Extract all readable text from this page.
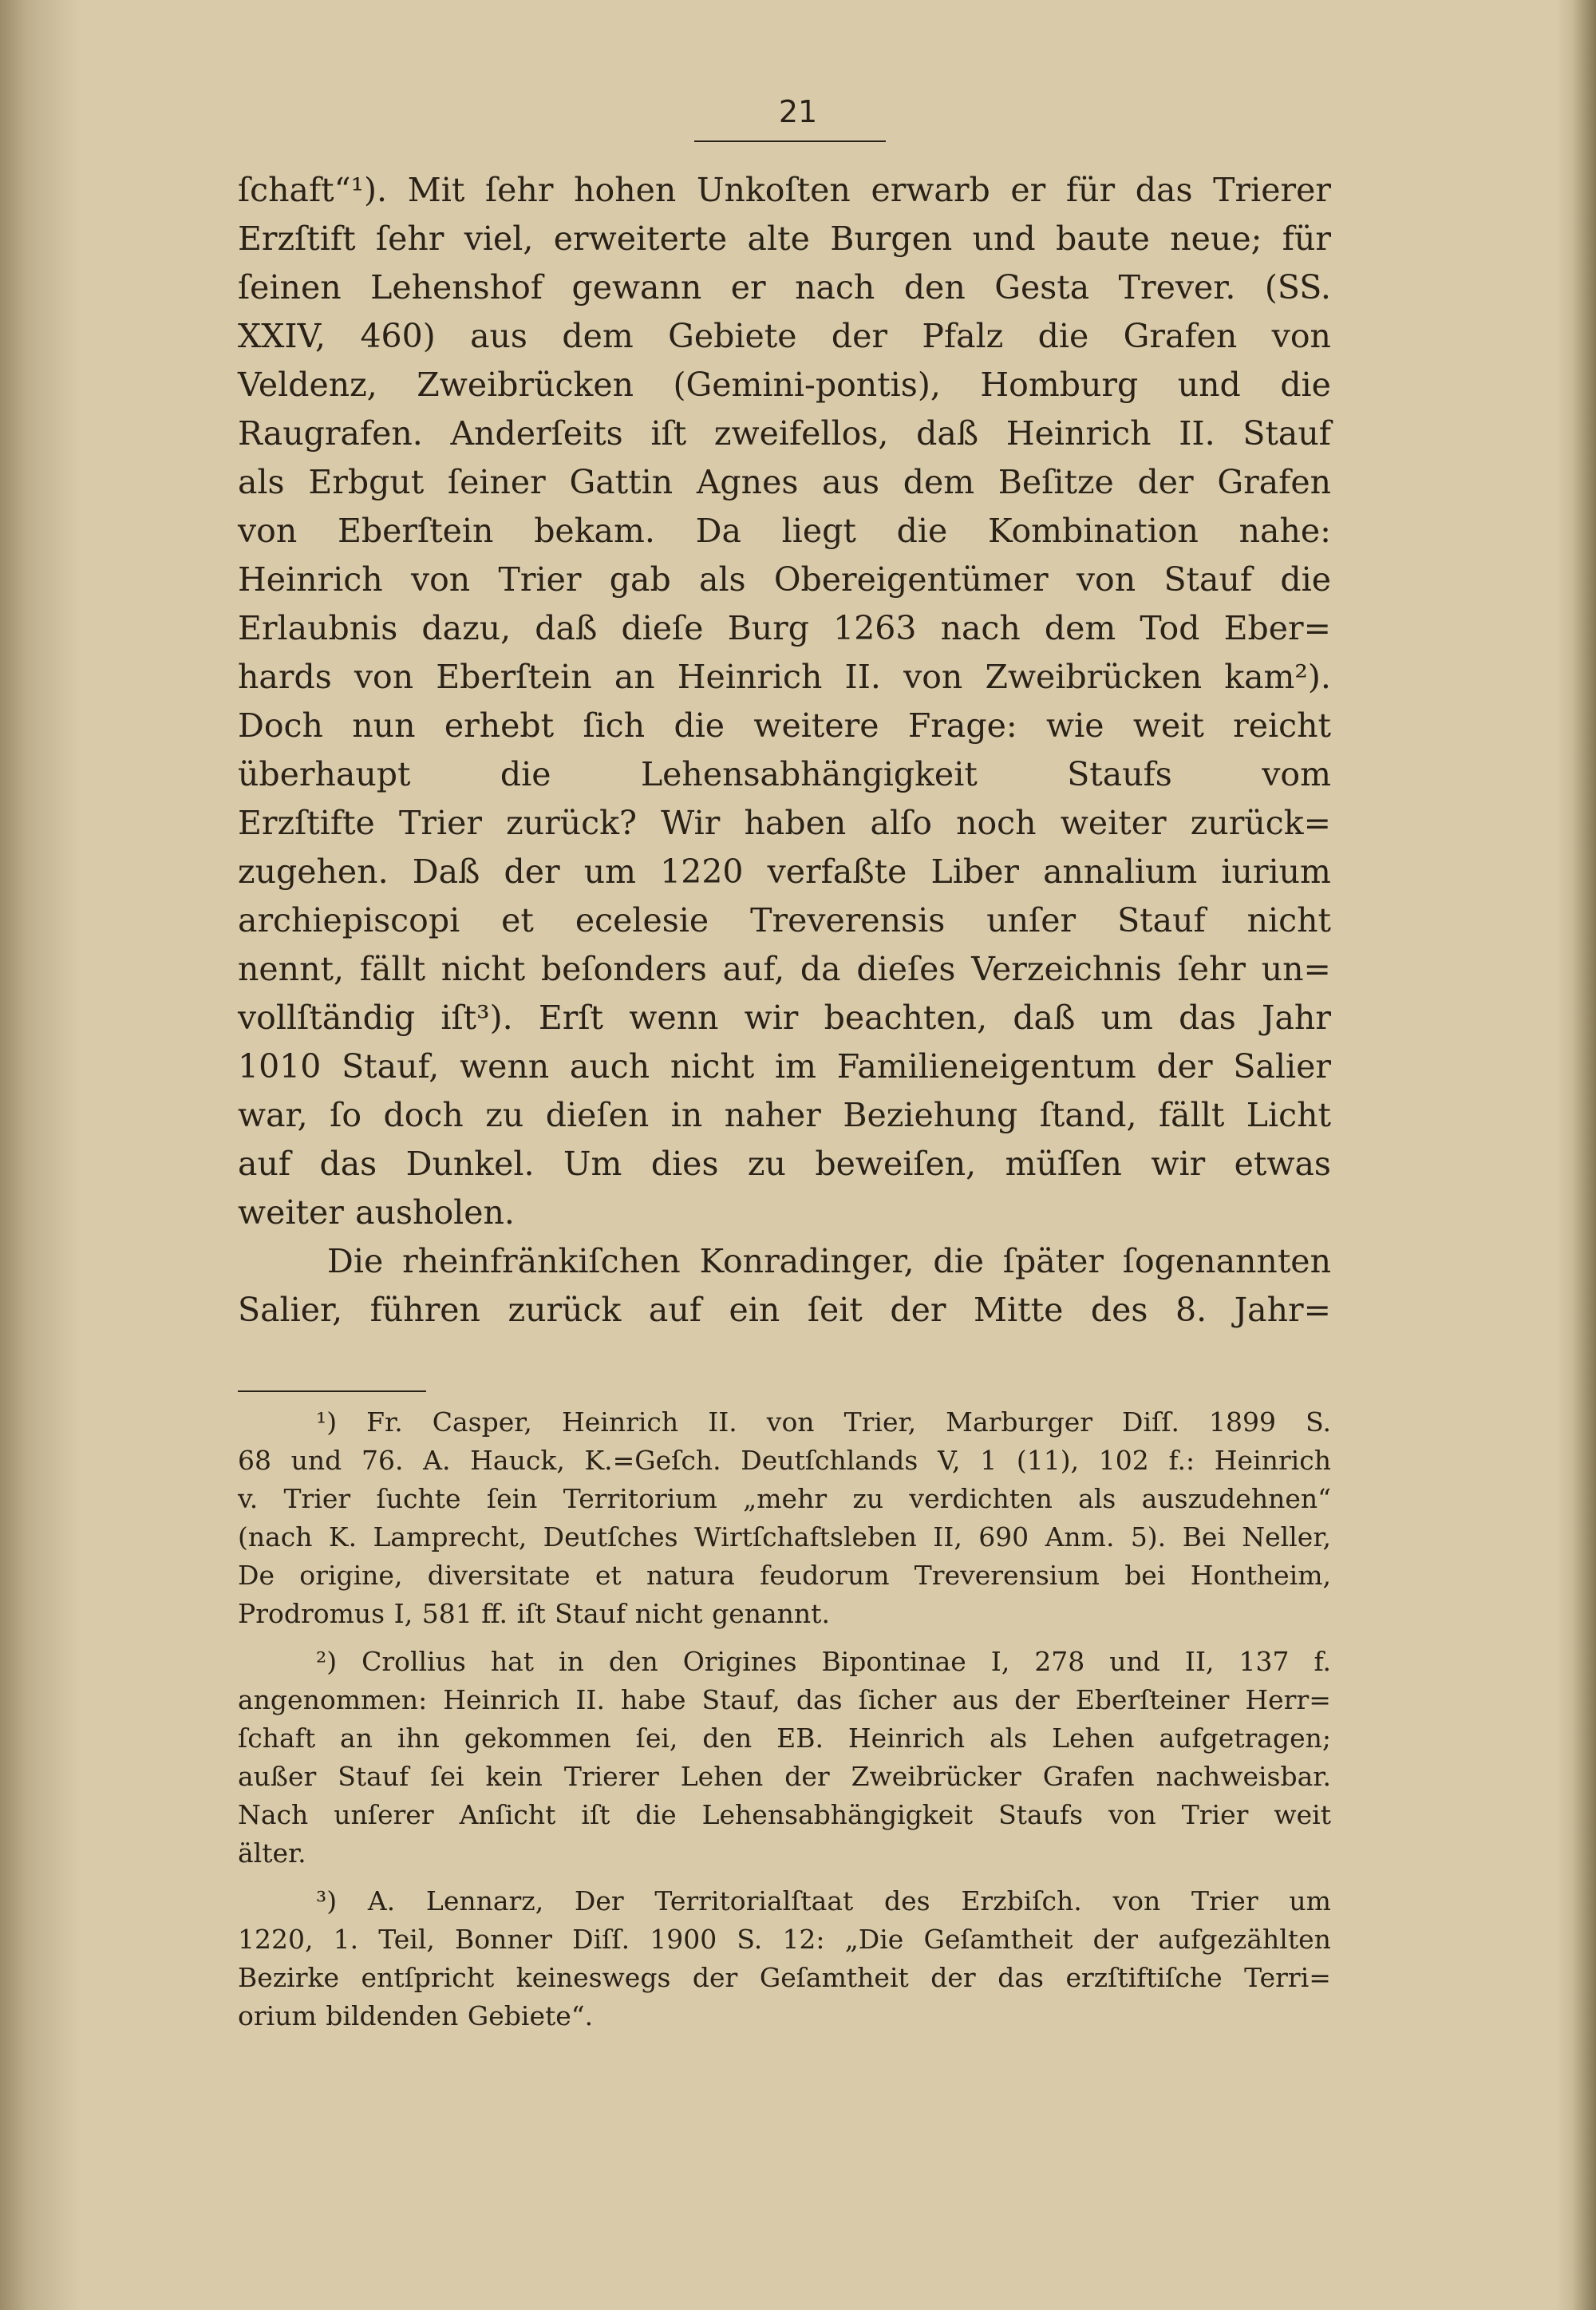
21
ſchaft“¹). Mit ſehr hohen Unkoſten erwarb er für das Trierer
Erzſtift ſehr viel, erweiterte alte Burgen und baute neue; für
ſeinen Lehenshof gewann er nach den Gesta Trever. (SS.
XXIV, 460) aus dem Gebiete der Pfalz die Grafen von
Veldenz, Zweibrücken (Gemini-pontis), Homburg und die
Raugrafen. Anderſeits iſt zweifellos, daß Heinrich II. Stauf
als Erbgut ſeiner Gattin Agnes aus dem Beſitze der Grafen
von Eberſtein bekam. Da liegt die Kombination nahe:
Heinrich von Trier gab als Obereigentümer von Stauf die
Erlaubnis dazu, daß dieſe Burg 1263 nach dem Tod Eber=
hards von Eberſtein an Heinrich II. von Zweibrücken kam²).
Doch nun erhebt ſich die weitere Frage: wie weit reicht
überhaupt	die	Lehensabhängigkeit	Staufs	vom
Erzſtifte Trier zurück? Wir haben alſo noch weiter zurück=
zugehen. Daß der um 1220 verfaßte Liber annalium iurium
archiepiscopi et ecelesie Treverensis unſer Stauf nicht
nennt, fällt nicht beſonders auf, da dieſes Verzeichnis ſehr un=
vollſtändig iſt³). Erſt wenn wir beachten, daß um das Jahr
1010 Stauf, wenn auch nicht im Familieneigentum der Salier
war, ſo doch zu dieſen in naher Beziehung ſtand, fällt Licht
auf das Dunkel. Um dies zu beweiſen, müſſen wir etwas
weiter ausholen.
Die rheinfränkiſchen Konradinger, die ſpäter ſogenannten
Salier, führen zurück auf ein ſeit der Mitte des 8. Jahr=
¹) Fr. Casper, Heinrich II. von Trier, Marburger Diſſ. 1899 S.
68 und 76. A. Hauck, K.=Geſch. Deutſchlands V, 1 (11), 102 f.: Heinrich
v. Trier ſuchte ſein Territorium „mehr zu verdichten als auszudehnen“
(nach K. Lamprecht, Deutſches Wirtſchaftsleben II, 690 Anm. 5). Bei Neller,
De origine, diversitate et natura feudorum Treverensium bei Hontheim,
Prodromus I, 581 ff. iſt Stauf nicht genannt.
²) Crollius hat in den Origines Bipontinae I, 278 und II, 137 f.
angenommen: Heinrich II. habe Stauf, das ſicher aus der Eberſteiner Herr=
ſchaft an ihn gekommen ſei, den EB. Heinrich als Lehen aufgetragen;
außer Stauf ſei kein Trierer Lehen der Zweibrücker Grafen nachweisbar.
Nach unſerer Anſicht iſt die Lehensabhängigkeit Staufs von Trier weit
älter.
³) A. Lennarz, Der Territorialſtaat des Erzbiſch. von Trier um
1220, 1. Teil, Bonner Diſſ. 1900 S. 12: „Die Geſamtheit der aufgezählten
Bezirke entſpricht keineswegs der Geſamtheit der das erzſtiftiſche Terri=
orium bildenden Gebiete“.
